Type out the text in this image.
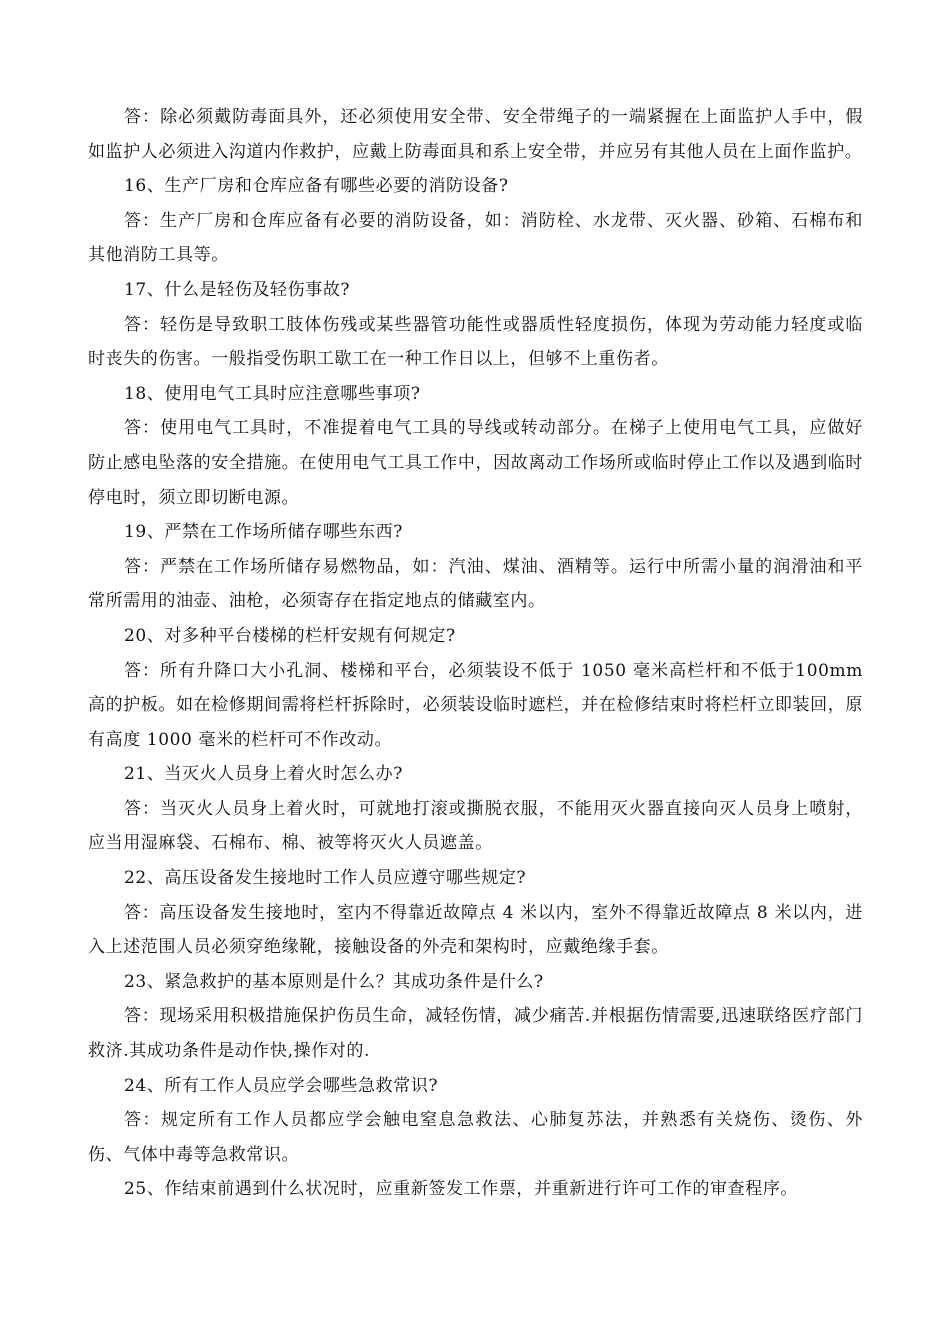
答：除必须戴防毒面具外，还必须使用安全带、安全带绳子的一端紧握在上面监护人手中，假如监护人必须进入沟道内作救护，应戴上防毒面具和系上安全带，并应另有其他人员在上面作监护。

16、生产厂房和仓库应备有哪些必要的消防设备?

答：生产厂房和仓库应备有必要的消防设备，如：消防栓、水龙带、灭火器、砂箱、石棉布和其他消防工具等。

17、什么是轻伤及轻伤事故?

答：轻伤是导致职工肢体伤残或某些器管功能性或器质性轻度损伤，体现为劳动能力轻度或临时丧失的伤害。一般指受伤职工歇工在一种工作日以上，但够不上重伤者。

18、使用电气工具时应注意哪些事项?

答：使用电气工具时，不准提着电气工具的导线或转动部分。在梯子上使用电气工具，应做好防止感电坠落的安全措施。在使用电气工具工作中，因故离动工作场所或临时停止工作以及遇到临时停电时，须立即切断电源。

19、严禁在工作场所储存哪些东西?

答：严禁在工作场所储存易燃物品，如：汽油、煤油、酒精等。运行中所需小量的润滑油和平常所需用的油壶、油枪，必须寄存在指定地点的储藏室内。

20、对多种平台楼梯的栏杆安规有何规定?

答：所有升降口大小孔洞、楼梯和平台，必须装设不低于 1050 毫米高栏杆和不低于100mm 高的护板。如在检修期间需将栏杆拆除时，必须装设临时遮栏，并在检修结束时将栏杆立即装回，原有高度 1000 毫米的栏杆可不作改动。

21、当灭火人员身上着火时怎么办?

答：当灭火人员身上着火时，可就地打滚或撕脱衣服，不能用灭火器直接向灭人员身上喷射，应当用湿麻袋、石棉布、棉、被等将灭火人员遮盖。

22、高压设备发生接地时工作人员应遵守哪些规定?

答：高压设备发生接地时，室内不得靠近故障点 4 米以内，室外不得靠近故障点 8 米以内，进入上述范围人员必须穿绝缘靴，接触设备的外壳和架构时，应戴绝缘手套。

23、紧急救护的基本原则是什么？其成功条件是什么?

答：现场采用积极措施保护伤员生命，减轻伤情，减少痛苦.并根据伤情需要,迅速联络医疗部门救济.其成功条件是动作快,操作对的.

24、所有工作人员应学会哪些急救常识?

答：规定所有工作人员都应学会触电窒息急救法、心肺复苏法，并熟悉有关烧伤、烫伤、外伤、气体中毒等急救常识。

25、作结束前遇到什么状况时，应重新签发工作票，并重新进行许可工作的审查程序。
